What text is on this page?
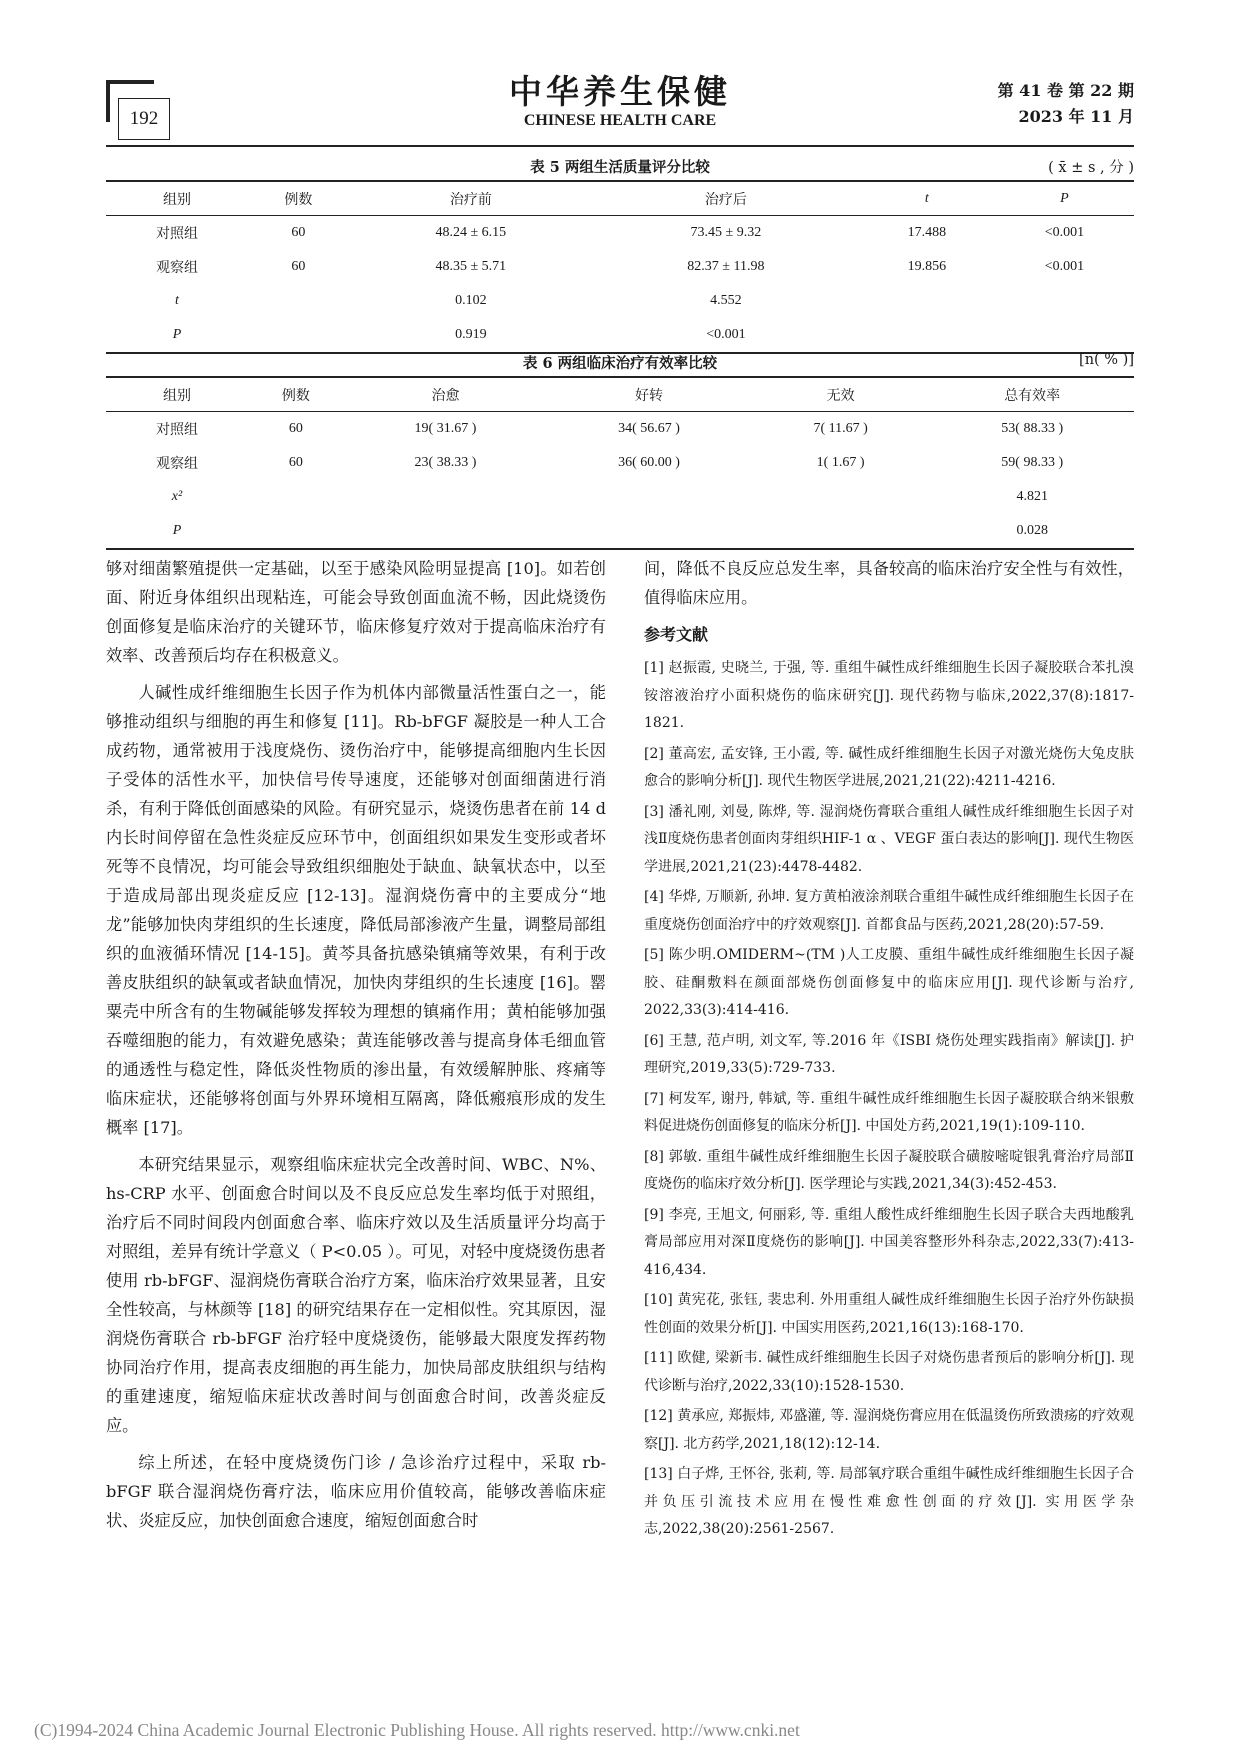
192
中华养生保健
CHINESE HEALTH CARE
第 41 卷 第 22 期
2023 年 11 月
表 5 两组生活质量评分比较	( x̄ ± s , 分 )
组别	例数	治疗前	治疗后	t	P
对照组	60	48.24 ± 6.15	73.45 ± 9.32	17.488	<0.001
观察组	60	48.35 ± 5.71	82.37 ± 11.98	19.856	<0.001
t		0.102	4.552		
P		0.919	<0.001		
表 6 两组临床治疗有效率比较	[n( % )]
组别	例数	治愈	好转	无效	总有效率
对照组	60	19( 31.67 )	34( 56.67 )	7( 11.67 )	53( 88.33 )
观察组	60	23( 38.33 )	36( 60.00 )	1( 1.67 )	59( 98.33 )
x²					4.821
P					0.028

够对细菌繁殖提供一定基础，以至于感染风险明显提高 [10]。如若创面、附近身体组织出现粘连，可能会导致创面血流不畅，因此烧烫伤创面修复是临床治疗的关键环节，临床修复疗效对于提高临床治疗有效率、改善预后均存在积极意义。

人碱性成纤维细胞生长因子作为机体内部微量活性蛋白之一，能够推动组织与细胞的再生和修复 [11]。Rb-bFGF 凝胶是一种人工合成药物，通常被用于浅度烧伤、烫伤治疗中，能够提高细胞内生长因子受体的活性水平，加快信号传导速度，还能够对创面细菌进行消杀，有利于降低创面感染的风险。有研究显示，烧烫伤患者在前 14 d 内长时间停留在急性炎症反应环节中，创面组织如果发生变形或者坏死等不良情况，均可能会导致组织细胞处于缺血、缺氧状态中，以至于造成局部出现炎症反应 [12-13]。湿润烧伤膏中的主要成分“地龙”能够加快肉芽组织的生长速度，降低局部渗液产生量，调整局部组织的血液循环情况 [14-15]。黄芩具备抗感染镇痛等效果，有利于改善皮肤组织的缺氧或者缺血情况，加快肉芽组织的生长速度 [16]。罂粟壳中所含有的生物碱能够发挥较为理想的镇痛作用；黄柏能够加强吞噬细胞的能力，有效避免感染；黄连能够改善与提高身体毛细血管的通透性与稳定性，降低炎性物质的渗出量，有效缓解肿胀、疼痛等临床症状，还能够将创面与外界环境相互隔离，降低瘢痕形成的发生概率 [17]。

本研究结果显示，观察组临床症状完全改善时间、WBC、N%、hs-CRP 水平、创面愈合时间以及不良反应总发生率均低于对照组，治疗后不同时间段内创面愈合率、临床疗效以及生活质量评分均高于对照组，差异有统计学意义（ P<0.05 ）。可见，对轻中度烧烫伤患者使用 rb-bFGF、湿润烧伤膏联合治疗方案，临床治疗效果显著，且安全性较高，与林颜等 [18] 的研究结果存在一定相似性。究其原因，湿润烧伤膏联合 rb-bFGF 治疗轻中度烧烫伤，能够最大限度发挥药物协同治疗作用，提高表皮细胞的再生能力，加快局部皮肤组织与结构的重建速度，缩短临床症状改善时间与创面愈合时间，改善炎症反应。

综上所述，在轻中度烧烫伤门诊 / 急诊治疗过程中，采取 rb-bFGF 联合湿润烧伤膏疗法，临床应用价值较高，能够改善临床症状、炎症反应，加快创面愈合速度，缩短创面愈合时

间，降低不良反应总发生率，具备较高的临床治疗安全性与有效性，值得临床应用。

参考文献

[1] 赵振霞, 史晓兰, 于强, 等. 重组牛碱性成纤维细胞生长因子凝胶联合苯扎溴铵溶液治疗小面积烧伤的临床研究[J]. 现代药物与临床,2022,37(8):1817-1821.

[2] 董高宏, 孟安锋, 王小霞, 等. 碱性成纤维细胞生长因子对激光烧伤大兔皮肤愈合的影响分析[J]. 现代生物医学进展,2021,21(22):4211-4216.

[3] 潘礼刚, 刘曼, 陈烨, 等. 湿润烧伤膏联合重组人碱性成纤维细胞生长因子对浅Ⅱ度烧伤患者创面肉芽组织HIF-1 α 、VEGF 蛋白表达的影响[J]. 现代生物医学进展,2021,21(23):4478-4482.

[4] 华烨, 万顺新, 孙坤. 复方黄柏液涂剂联合重组牛碱性成纤维细胞生长因子在重度烧伤创面治疗中的疗效观察[J]. 首都食品与医药,2021,28(20):57-59.

[5] 陈少明.OMIDERM~(TM )人工皮膜、重组牛碱性成纤维细胞生长因子凝胶、硅酮敷料在颜面部烧伤创面修复中的临床应用[J]. 现代诊断与治疗, 2022,33(3):414-416.

[6] 王慧, 范卢明, 刘文军, 等.2016 年《ISBI 烧伤处理实践指南》解读[J]. 护理研究,2019,33(5):729-733.

[7] 柯发军, 谢丹, 韩斌, 等. 重组牛碱性成纤维细胞生长因子凝胶联合纳米银敷料促进烧伤创面修复的临床分析[J]. 中国处方药,2021,19(1):109-110.

[8] 郭敏. 重组牛碱性成纤维细胞生长因子凝胶联合磺胺嘧啶银乳膏治疗局部Ⅱ度烧伤的临床疗效分析[J]. 医学理论与实践,2021,34(3):452-453.

[9] 李亮, 王旭文, 何丽彩, 等. 重组人酸性成纤维细胞生长因子联合夫西地酸乳膏局部应用对深Ⅱ度烧伤的影响[J]. 中国美容整形外科杂志,2022,33(7):413-416,434.

[10] 黄宪花, 张钰, 裴忠利. 外用重组人碱性成纤维细胞生长因子治疗外伤缺损性创面的效果分析[J]. 中国实用医药,2021,16(13):168-170.

[11] 欧健, 梁新韦. 碱性成纤维细胞生长因子对烧伤患者预后的影响分析[J]. 现代诊断与治疗,2022,33(10):1528-1530.

[12] 黄承应, 郑振炜, 邓盛灌, 等. 湿润烧伤膏应用在低温烫伤所致溃疡的疗效观察[J]. 北方药学,2021,18(12):12-14.

[13] 白子烨, 王怀谷, 张莉, 等. 局部氧疗联合重组牛碱性成纤维细胞生长因子合并负压引流技术应用在慢性难愈性创面的疗效[J]. 实用医学杂志,2022,38(20):2561-2567.

(C)1994-2024 China Academic Journal Electronic Publishing House. All rights reserved. http://www.cnki.net
